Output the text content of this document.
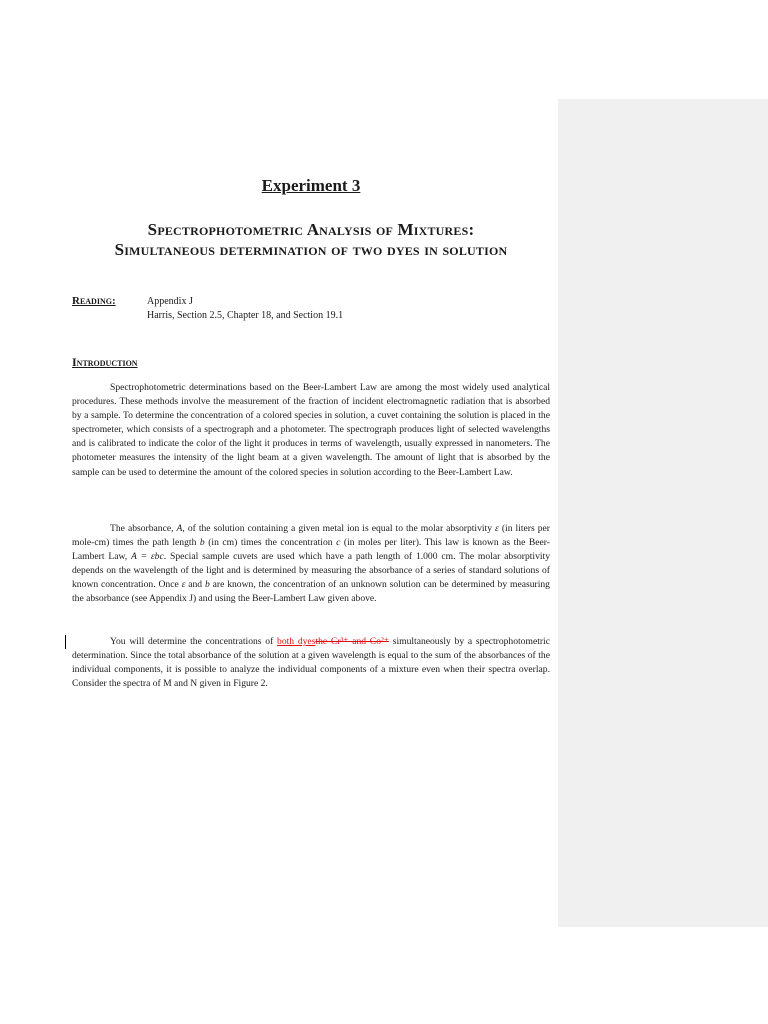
Experiment 3
Spectrophotometric Analysis of Mixtures:
Simultaneous determination of two dyes in solution
Reading:	Appendix J
Harris, Section 2.5, Chapter 18, and Section 19.1
Introduction

Spectrophotometric determinations based on the Beer-Lambert Law are among the most widely used analytical procedures. These methods involve the measurement of the fraction of incident electromagnetic radiation that is absorbed by a sample. To determine the concentration of a colored species in solution, a cuvet containing the solution is placed in the spectrometer, which consists of a spectrograph and a photometer. The spectrograph produces light of selected wavelengths and is calibrated to indicate the color of the light it produces in terms of wavelength, usually expressed in nanometers. The photometer measures the intensity of the light beam at a given wavelength. The amount of light that is absorbed by the sample can be used to determine the amount of the colored species in solution according to the Beer-Lambert Law.

The absorbance, A, of the solution containing a given metal ion is equal to the molar absorptivity ε (in liters per mole-cm) times the path length b (in cm) times the concentration c (in moles per liter). This law is known as the Beer-Lambert Law, A = εbc. Special sample cuvets are used which have a path length of 1.000 cm. The molar absorptivity depends on the wavelength of the light and is determined by measuring the absorbance of a series of standard solutions of known concentration. Once ε and b are known, the concentration of an unknown solution can be determined by measuring the absorbance (see Appendix J) and using the Beer-Lambert Law given above.

You will determine the concentrations of both dyesthe Cr³⁺ and Co²⁺ simultaneously by a spectrophotometric determination. Since the total absorbance of the solution at a given wavelength is equal to the sum of the absorbances of the individual components, it is possible to analyze the individual components of a mixture even when their spectra overlap. Consider the spectra of M and N given in Figure 2.
